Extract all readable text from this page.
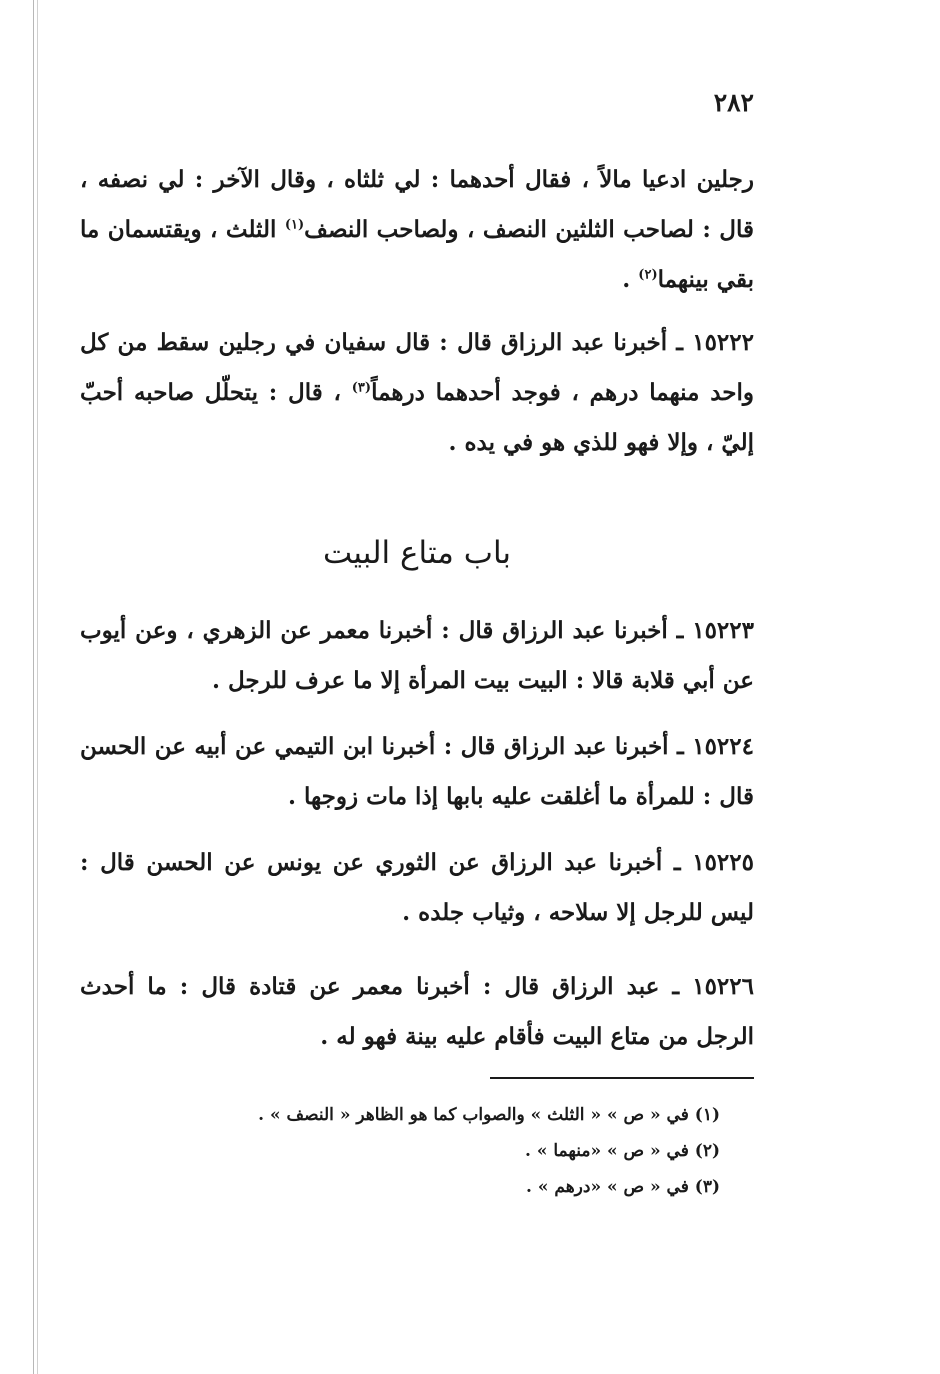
٢٨٢
رجلين ادعيا مالاً ، فقال أحدهما : لي ثلثاه ، وقال الآخر : لي نصفه ، قال : لصاحب الثلثين النصف ، ولصاحب النصف$^{(١)}$ الثلث ، ويقتسمان ما بقي بينهما$^{(٢)}$ .
١٥٢٢٢ ـ أخبرنا عبد الرزاق قال : قال سفيان في رجلين سقط من كل واحد منهما درهم ، فوجد أحدهما درهماً$^{(٣)}$ ، قال : يتحلّل صاحبه أحبّ إليّ ، وإلا فهو للذي هو في يده .
باب متاع البيت
١٥٢٢٣ ـ أخبرنا عبد الرزاق قال : أخبرنا معمر عن الزهري ، وعن أيوب عن أبي قلابة قالا : البيت بيت المرأة إلا ما عرف للرجل .
١٥٢٢٤ ـ أخبرنا عبد الرزاق قال : أخبرنا ابن التيمي عن أبيه عن الحسن قال : للمرأة ما أغلقت عليه بابها إذا مات زوجها .
١٥٢٢٥ ـ أخبرنا عبد الرزاق عن الثوري عن يونس عن الحسن قال : ليس للرجل إلا سلاحه ، وثياب جلده .
١٥٢٢٦ ـ عبد الرزاق قال : أخبرنا معمر عن قتادة قال : ما أحدث الرجل من متاع البيت فأقام عليه بينة فهو له .
(١) في « ص » « الثلث » والصواب كما هو الظاهر « النصف » .
(٢) في « ص » «منهما » .
(٣) في « ص » «درهم » .
